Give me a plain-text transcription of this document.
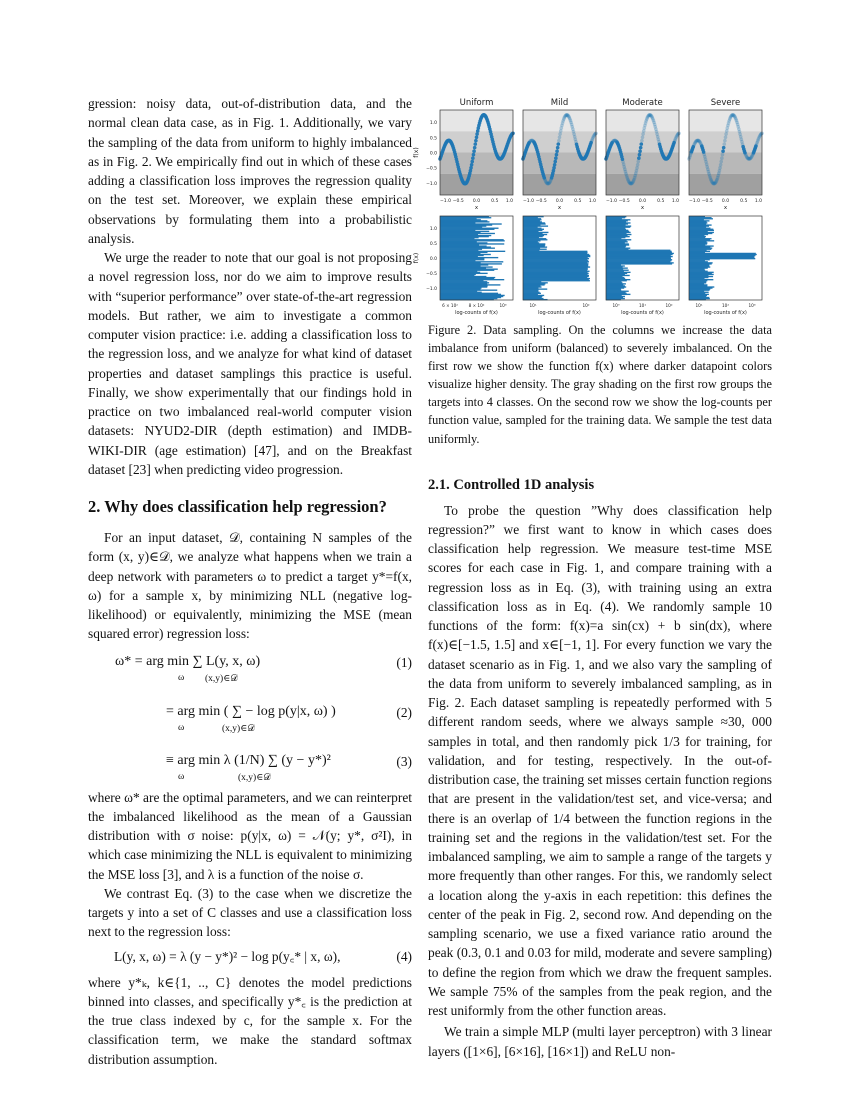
gression: noisy data, out-of-distribution data, and the normal clean data case, as in Fig. 1. Additionally, we vary the sampling of the data from uniform to highly imbalanced as in Fig. 2. We empirically find out in which of these cases adding a classification loss improves the regression quality on the test set. Moreover, we explain these empirical observations by formulating them into a probabilistic analysis.

We urge the reader to note that our goal is not proposing a novel regression loss, nor do we aim to improve results with “superior performance” over state-of-the-art regression models. But rather, we aim to investigate a common computer vision practice: i.e. adding a classification loss to the regression loss, and we analyze for what kind of dataset properties and dataset samplings this practice is useful. Finally, we show experimentally that our findings hold in practice on two imbalanced real-world computer vision datasets: NYUD2-DIR (depth estimation) and IMDB-WIKI-DIR (age estimation) [47], and on the Breakfast dataset [23] when predicting video progression.

2. Why does classification help regression?

For an input dataset, 𝒟, containing N samples of the form (x, y)∈𝒟, we analyze what happens when we train a deep network with parameters ω to predict a target y*=f(x, ω) for a sample x, by minimizing NLL (negative log-likelihood) or equivalently, minimizing the MSE (mean squared error) regression loss:

ω* = arg min ∑ L(y, x, ω)
ω (x,y)∈𝒟
(1)
= arg min ( ∑ − log p(y|x, ω) )
ω	(x,y)∈𝒟
(2)
≡ arg min λ (1/N) ∑ (y − y*)²
ω	(x,y)∈𝒟
(3)

where ω* are the optimal parameters, and we can reinterpret the imbalanced likelihood as the mean of a Gaussian distribution with σ noise: p(y|x, ω) = 𝒩(y; y*, σ²I), in which case minimizing the NLL is equivalent to minimizing the MSE loss [3], and λ is a function of the noise σ.

We contrast Eq. (3) to the case when we discretize the targets y into a set of C classes and use a classification loss next to the regression loss:

L(y, x, ω) = λ (y − y*)² − log p(y꜀* | x, ω),	(4)

where y*ₖ, k∈{1, .., C} denotes the model predictions binned into classes, and specifically y*꜀ is the prediction at the true class indexed by c, for the sample x. For the classification term, we make the standard softmax distribution assumption.

f(x)
f(x)
Uniform
−1.0 −0.5 0.0 0.5 1.0
x
6 × 10²	8 × 10²	10³
log-counts of f(x)
Mild
−1.0 −0.5 0.0 0.5 1.0
x
10¹	10²
log-counts of f(x)
Moderate
−1.0 −0.5 0.0 0.5 1.0
x
10⁰	10¹	10²
log-counts of f(x)
Severe
−1.0 −0.5 0.0 0.5 1.0
x
10¹	10²	10³
log-counts of f(x)
1.0
0.5
0.0
−0.5
−1.0
1.0
0.5
0.0
−0.5
−1.0

Figure 2. Data sampling. On the columns we increase the data imbalance from uniform (balanced) to severely imbalanced. On the first row we show the function f(x) where darker datapoint colors visualize higher density. The gray shading on the first row groups the targets into 4 classes. On the second row we show the log-counts per function value, sampled for the training data. We sample the test data uniformly.

2.1. Controlled 1D analysis

To probe the question ”Why does classification help regression?” we first want to know in which cases does classification help regression. We measure test-time MSE scores for each case in Fig. 1, and compare training with a regression loss as in Eq. (3), with training using an extra classification loss as in Eq. (4). We randomly sample 10 functions of the form: f(x)=a sin(cx) + b sin(dx), where f(x)∈[−1.5, 1.5] and x∈[−1, 1]. For every function we vary the dataset scenario as in Fig. 1, and we also vary the sampling of the data from uniform to severely imbalanced sampling, as in Fig. 2. Each dataset sampling is repeatedly performed with 5 different random seeds, where we always sample ≈30, 000 samples in total, and then randomly pick 1/3 for training, for validation, and for testing, respectively. In the out-of-distribution case, the training set misses certain function regions that are present in the validation/test set, and vice-versa; and there is an overlap of 1/4 between the function regions in the training set and the regions in the validation/test set. For the imbalanced sampling, we aim to sample a range of the targets y more frequently than other ranges. For this, we randomly select a location along the y-axis in each repetition: this defines the center of the peak in Fig. 2, second row. And depending on the sampling scenario, we use a fixed variance ratio around the peak (0.3, 0.1 and 0.03 for mild, moderate and severe sampling) to define the region from which we draw the frequent samples. We sample 75% of the samples from the peak region, and the rest uniformly from the other function areas.

We train a simple MLP (multi layer perceptron) with 3 linear layers ([1×6], [6×16], [16×1]) and ReLU non-
